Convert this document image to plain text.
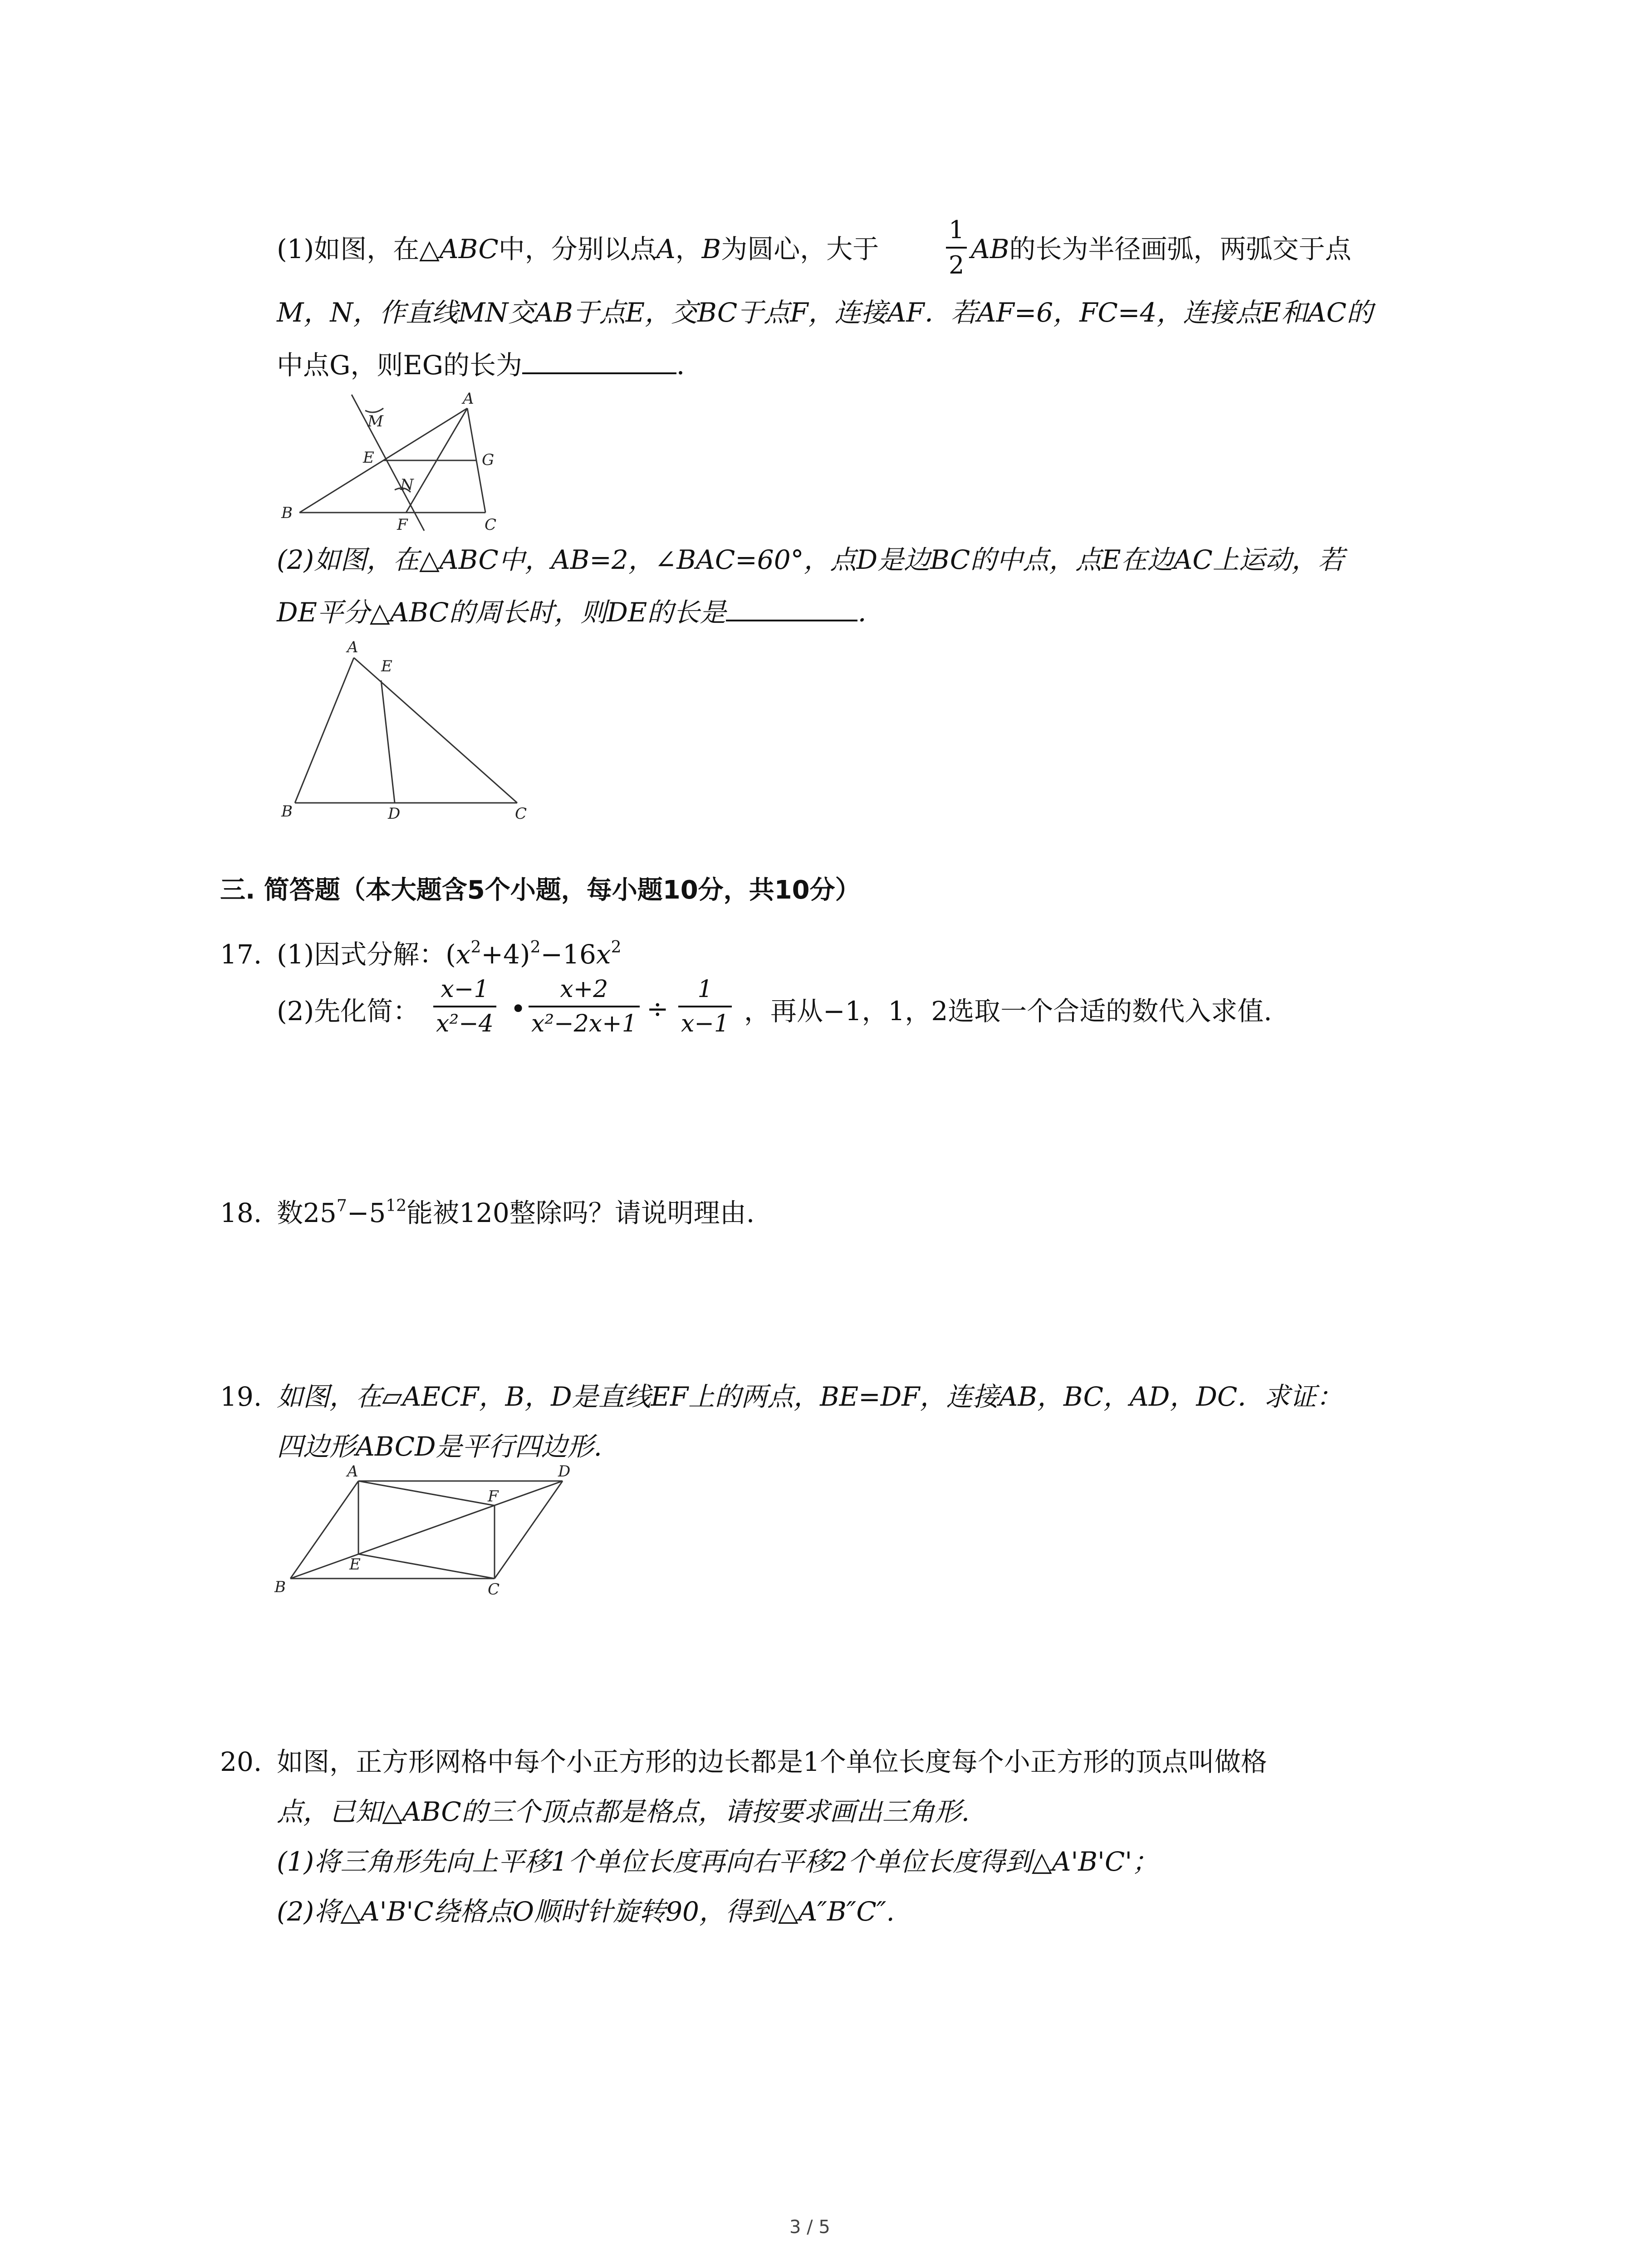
(1)如图，在△ABC中，分别以点A，B为圆心，大于	$\frac{1}{2}$ AB的长为半径画弧，两弧交于点
M，N，作直线MN交AB于点E，交BC于点F，连接AF．若AF=6，FC=4，连接点E和AC的
中点G，则EG的长为	．
A
M
E	G
N
B
F	C
(2)如图，在△ABC中，AB=2，∠BAC=60°，点D是边BC的中点，点E在边AC上运动，若
DE平分△ABC的周长时，则DE的长是	．
A
E
B	D	C
三. 简答题（本大题含5个小题，每小题10分，共10分）
17. (1)因式分解：$(x^2+4)^2-16x^2$
(2)先化简： $\frac{x-1}{\text{x²−4}}$ • $\frac{x+2}{\text{x²−2x+1}} \div \frac{1}{x-1}$ ，再从−1，1，2选取一个合适的数代入求值.
18. 数$25^7-5^{12}$能被120整除吗？请说明理由.
19. 如图，在▱AECF，B，D是直线EF上的两点，BE=DF，连接AB，BC，AD，DC．求证：
四边形ABCD是平行四边形.
A	D
F
E
B	C
20. 如图，正方形网格中每个小正方形的边长都是1个单位长度每个小正方形的顶点叫做格
点，已知△ABC的三个顶点都是格点，请按要求画出三角形.
(1)将三角形先向上平移1个单位长度再向右平移2个单位长度得到△A'B'C'；
(2)将△A'B'C绕格点O顺时针旋转90，得到△A″B″C″.
3 / 5
